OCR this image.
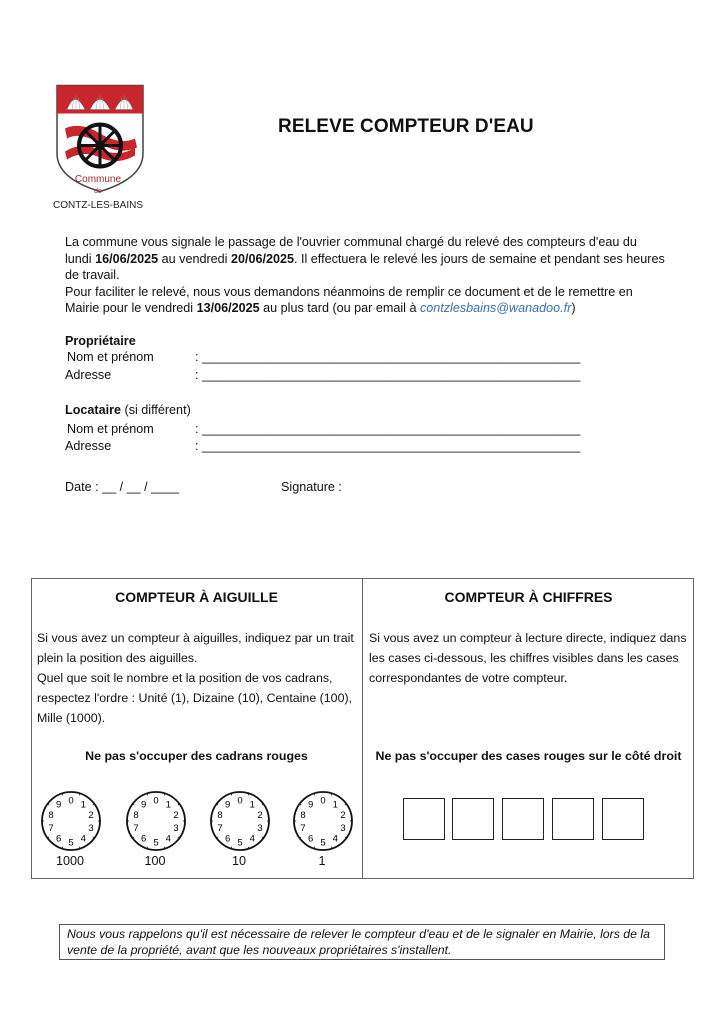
Commune
de
CONTZ-LES-BAINS
RELEVE COMPTEUR D'EAU
La commune vous signale le passage de l'ouvrier communal chargé du relevé des compteurs d'eau du lundi 16/06/2025 au vendredi 20/06/2025. Il effectuera le relevé les jours de semaine et pendant ses heures de travail.
Pour faciliter le relevé, nous vous demandons néanmoins de remplir ce document et de le remettre en Mairie pour le vendredi 13/06/2025 au plus tard (ou par email à contzlesbains@wanadoo.fr)
Propriétaire
Nom et prénom	: ______________________________________________________
Adresse	: ______________________________________________________
Locataire (si différent)
Nom et prénom	: ______________________________________________________
Adresse	: ______________________________________________________
Date : __ / __ / ____	Signature :
COMPTEUR À AIGUILLE
Si vous avez un compteur à aiguilles, indiquez par un trait plein la position des aiguilles.
Quel que soit le nombre et la position de vos cadrans, respectez l'ordre : Unité (1), Dizaine (10), Centaine (100), Mille (1000).
Ne pas s'occuper des cadrans rouges
0 1
2
3
4
5
6
7
8
9
1000
0 1
2
3
4
5
6
7
8
9
100
0 1
2
3
4
5
6
7
8
9
10
0 1
2
3
4
5
6
7
8
9
1
COMPTEUR À CHIFFRES
Si vous avez un compteur à lecture directe, indiquez dans les cases ci-dessous, les chiffres visibles dans les cases correspondantes de votre compteur.
Ne pas s'occuper des cases rouges sur le côté droit
Nous vous rappelons qu'il est nécessaire de relever le compteur d'eau et de le signaler en Mairie, lors de la vente de la propriété, avant que les nouveaux propriétaires s'installent.
